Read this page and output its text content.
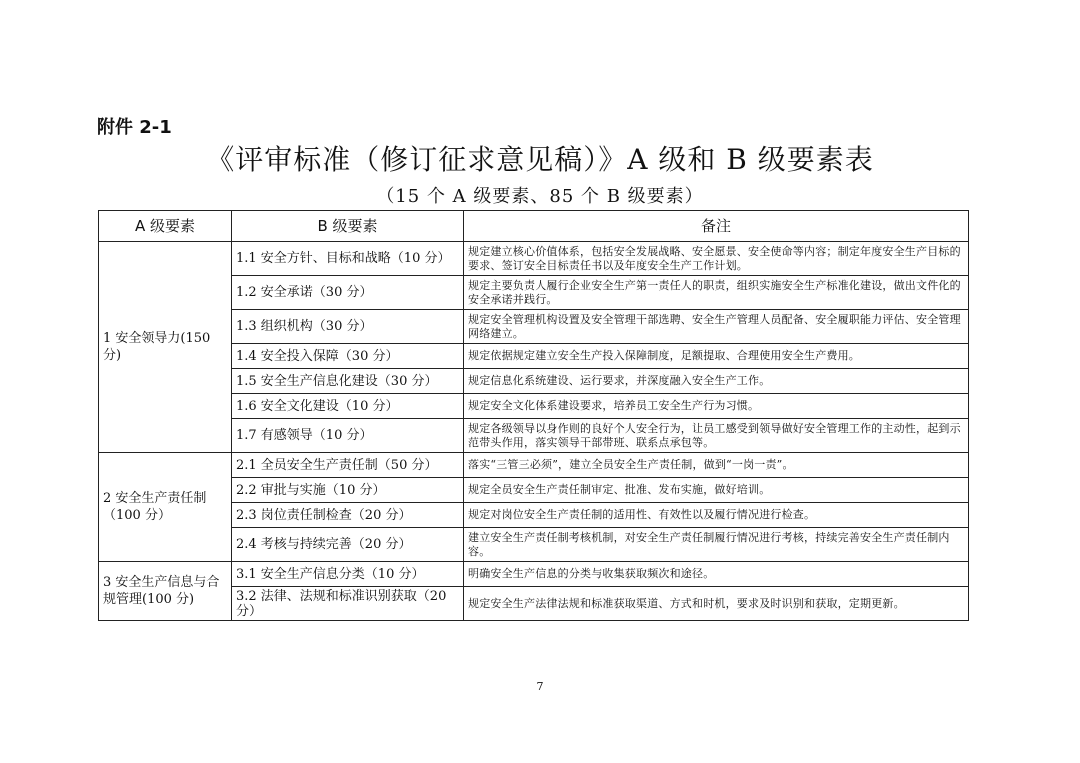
附件 2-1
《评审标准（修订征求意见稿）》A 级和 B 级要素表
（15 个 A 级要素、85 个 B 级要素）
A 级要素	B 级要素	备注
1 安全领导力(150 分)	1.1 安全方针、目标和战略（10 分）	规定建立核心价值体系，包括安全发展战略、安全愿景、安全使命等内容；制定年度安全生产目标的要求、签订安全目标责任书以及年度安全生产工作计划。
	1.2 安全承诺（30 分）	规定主要负责人履行企业安全生产第一责任人的职责，组织实施安全生产标准化建设，做出文件化的安全承诺并践行。
	1.3 组织机构（30 分）	规定安全管理机构设置及安全管理干部选聘、安全生产管理人员配备、安全履职能力评估、安全管理网络建立。
	1.4 安全投入保障（30 分）	规定依据规定建立安全生产投入保障制度，足额提取、合理使用安全生产费用。
	1.5 安全生产信息化建设（30 分）	规定信息化系统建设、运行要求，并深度融入安全生产工作。
	1.6 安全文化建设（10 分）	规定安全文化体系建设要求，培养员工安全生产行为习惯。
	1.7 有感领导（10 分）	规定各级领导以身作则的良好个人安全行为，让员工感受到领导做好安全管理工作的主动性，起到示范带头作用，落实领导干部带班、联系点承包等。
2 安全生产责任制（100 分）	2.1 全员安全生产责任制（50 分）	落实“三管三必须”，建立全员安全生产责任制，做到“一岗一责”。
	2.2 审批与实施（10 分）	规定全员安全生产责任制审定、批准、发布实施，做好培训。
	2.3 岗位责任制检查（20 分）	规定对岗位安全生产责任制的适用性、有效性以及履行情况进行检查。
	2.4 考核与持续完善（20 分）	建立安全生产责任制考核机制，对安全生产责任制履行情况进行考核，持续完善安全生产责任制内容。
3 安全生产信息与合规管理(100 分)	3.1 安全生产信息分类（10 分）	明确安全生产信息的分类与收集获取频次和途径。
	3.2 法律、法规和标准识别获取（20 分）	规定安全生产法律法规和标准获取渠道、方式和时机，要求及时识别和获取，定期更新。
7
